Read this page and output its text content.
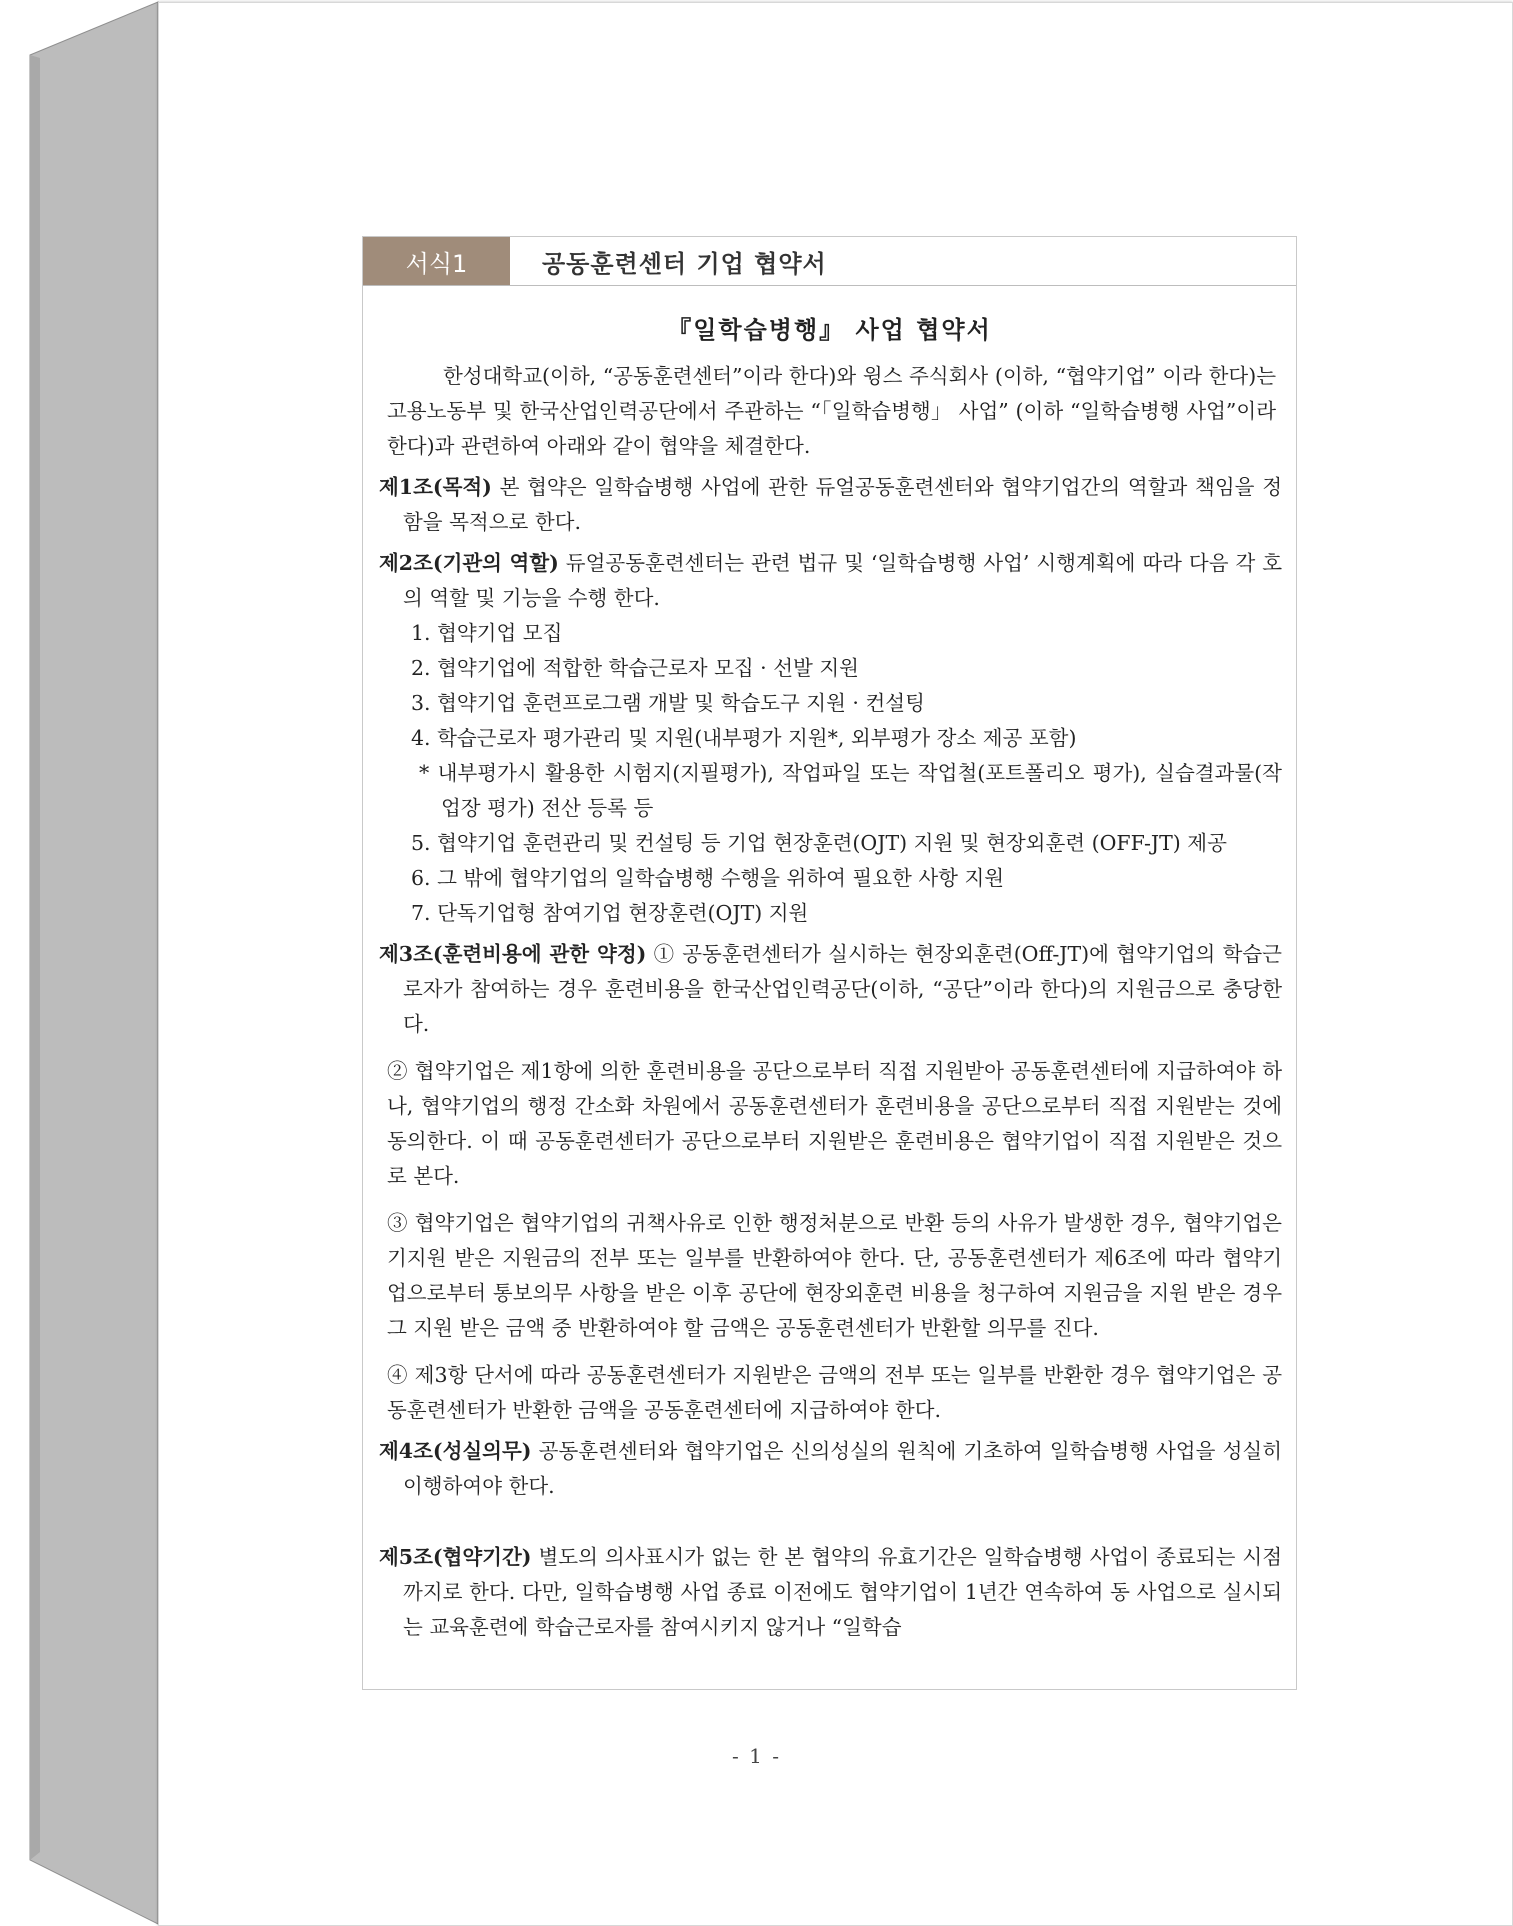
서식1	공동훈련센터 기업 협약서
『일학습병행』 사업 협약서

한성대학교(이하, “공동훈련센터”이라 한다)와 윙스 주식회사 (이하, “협약기업” 이라 한다)는 고용노동부 및 한국산업인력공단에서 주관하는 “「일학습병행」 사업” (이하 “일학습병행 사업”이라 한다)과 관련하여 아래와 같이 협약을 체결한다.

제1조(목적) 본 협약은 일학습병행 사업에 관한 듀얼공동훈련센터와 협약기업간의 역할과 책임을 정함을 목적으로 한다.

제2조(기관의 역할) 듀얼공동훈련센터는 관련 법규 및 ‘일학습병행 사업’ 시행계획에 따라 다음 각 호의 역할 및 기능을 수행 한다.

1. 협약기업 모집
2. 협약기업에 적합한 학습근로자 모집 · 선발 지원
3. 협약기업 훈련프로그램 개발 및 학습도구 지원 · 컨설팅
4. 학습근로자 평가관리 및 지원(내부평가 지원*, 외부평가 장소 제공 포함)

* 내부평가시 활용한 시험지(지필평가), 작업파일 또는 작업철(포트폴리오 평가), 실습결과물(작업장 평가) 전산 등록 등

5. 협약기업 훈련관리 및 컨설팅 등 기업 현장훈련(OJT) 지원 및 현장외훈련 (OFF-JT) 제공
6. 그 밖에 협약기업의 일학습병행 수행을 위하여 필요한 사항 지원
7. 단독기업형 참여기업 현장훈련(OJT) 지원

제3조(훈련비용에 관한 약정) ① 공동훈련센터가 실시하는 현장외훈련(Off-JT)에 협약기업의 학습근로자가 참여하는 경우 훈련비용을 한국산업인력공단(이하, “공단”이라 한다)의 지원금으로 충당한다.

② 협약기업은 제1항에 의한 훈련비용을 공단으로부터 직접 지원받아 공동훈련센터에 지급하여야 하나, 협약기업의 행정 간소화 차원에서 공동훈련센터가 훈련비용을 공단으로부터 직접 지원받는 것에 동의한다. 이 때 공동훈련센터가 공단으로부터 지원받은 훈련비용은 협약기업이 직접 지원받은 것으로 본다.

③ 협약기업은 협약기업의 귀책사유로 인한 행정처분으로 반환 등의 사유가 발생한 경우, 협약기업은 기지원 받은 지원금의 전부 또는 일부를 반환하여야 한다. 단, 공동훈련센터가 제6조에 따라 협약기업으로부터 통보의무 사항을 받은 이후 공단에 현장외훈련 비용을 청구하여 지원금을 지원 받은 경우 그 지원 받은 금액 중 반환하여야 할 금액은 공동훈련센터가 반환할 의무를 진다.

④ 제3항 단서에 따라 공동훈련센터가 지원받은 금액의 전부 또는 일부를 반환한 경우 협약기업은 공동훈련센터가 반환한 금액을 공동훈련센터에 지급하여야 한다.

제4조(성실의무) 공동훈련센터와 협약기업은 신의성실의 원칙에 기초하여 일학습병행 사업을 성실히 이행하여야 한다.

제5조(협약기간) 별도의 의사표시가 없는 한 본 협약의 유효기간은 일학습병행 사업이 종료되는 시점까지로 한다. 다만, 일학습병행 사업 종료 이전에도 협약기업이 1년간 연속하여 동 사업으로 실시되는 교육훈련에 학습근로자를 참여시키지 않거나 “일학습

- 1 -
